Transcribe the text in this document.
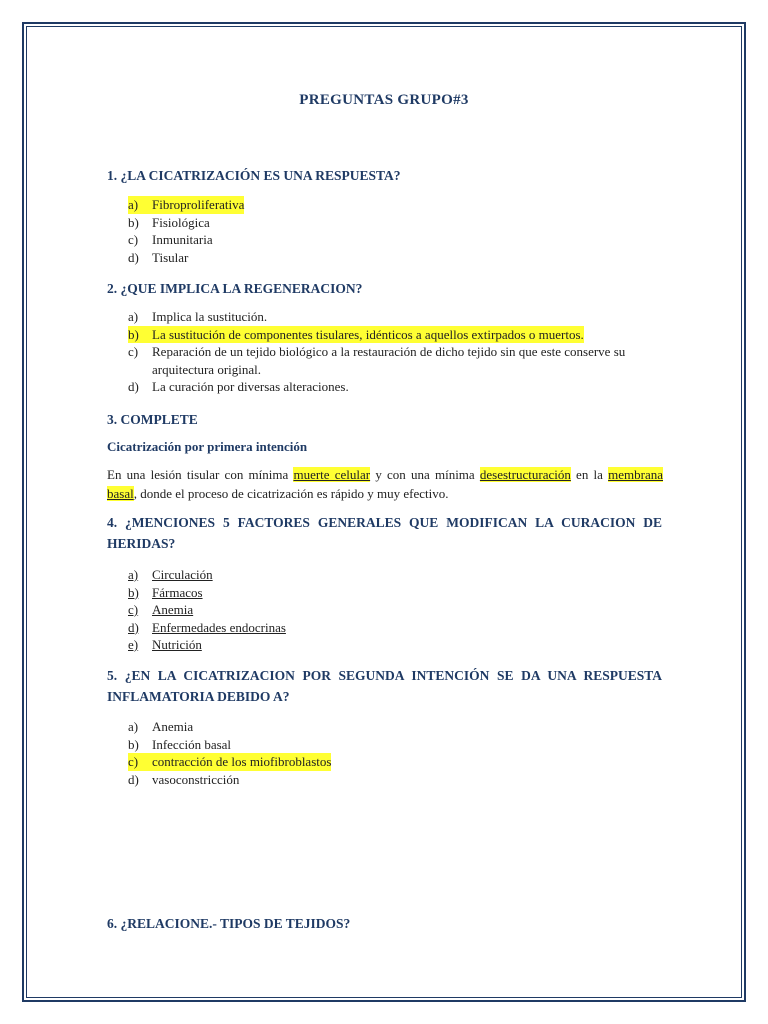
PREGUNTAS GRUPO#3
1. ¿LA CICATRIZACIÓN ES UNA RESPUESTA?
a)	Fibroproliferativa
b)	Fisiológica
c)	Inmunitaria
d)	Tisular
2. ¿QUE IMPLICA LA REGENERACION?
a)	Implica la sustitución.
b)	La sustitución de componentes tisulares, idénticos a aquellos extirpados o muertos.
c)	Reparación de un tejido biológico a la restauración de dicho tejido sin que este conserve su arquitectura original.
d)	La curación por diversas alteraciones.
3. COMPLETE
Cicatrización por primera intención
En una lesión tisular con mínima muerte celular y con una mínima desestructuración en la membrana basal, donde el proceso de cicatrización es rápido y muy efectivo.
4. ¿MENCIONES 5 FACTORES GENERALES QUE MODIFICAN LA CURACION DE HERIDAS?
a)	Circulación
b)	Fármacos
c)	Anemia
d)	Enfermedades endocrinas
e)	Nutrición
5. ¿EN LA CICATRIZACION POR SEGUNDA INTENCIÓN SE DA UNA RESPUESTA INFLAMATORIA DEBIDO A?
a)	Anemia
b)	Infección basal
c)	contracción de los miofibroblastos
d)	vasoconstricción
6. ¿RELACIONE.- TIPOS DE TEJIDOS?
